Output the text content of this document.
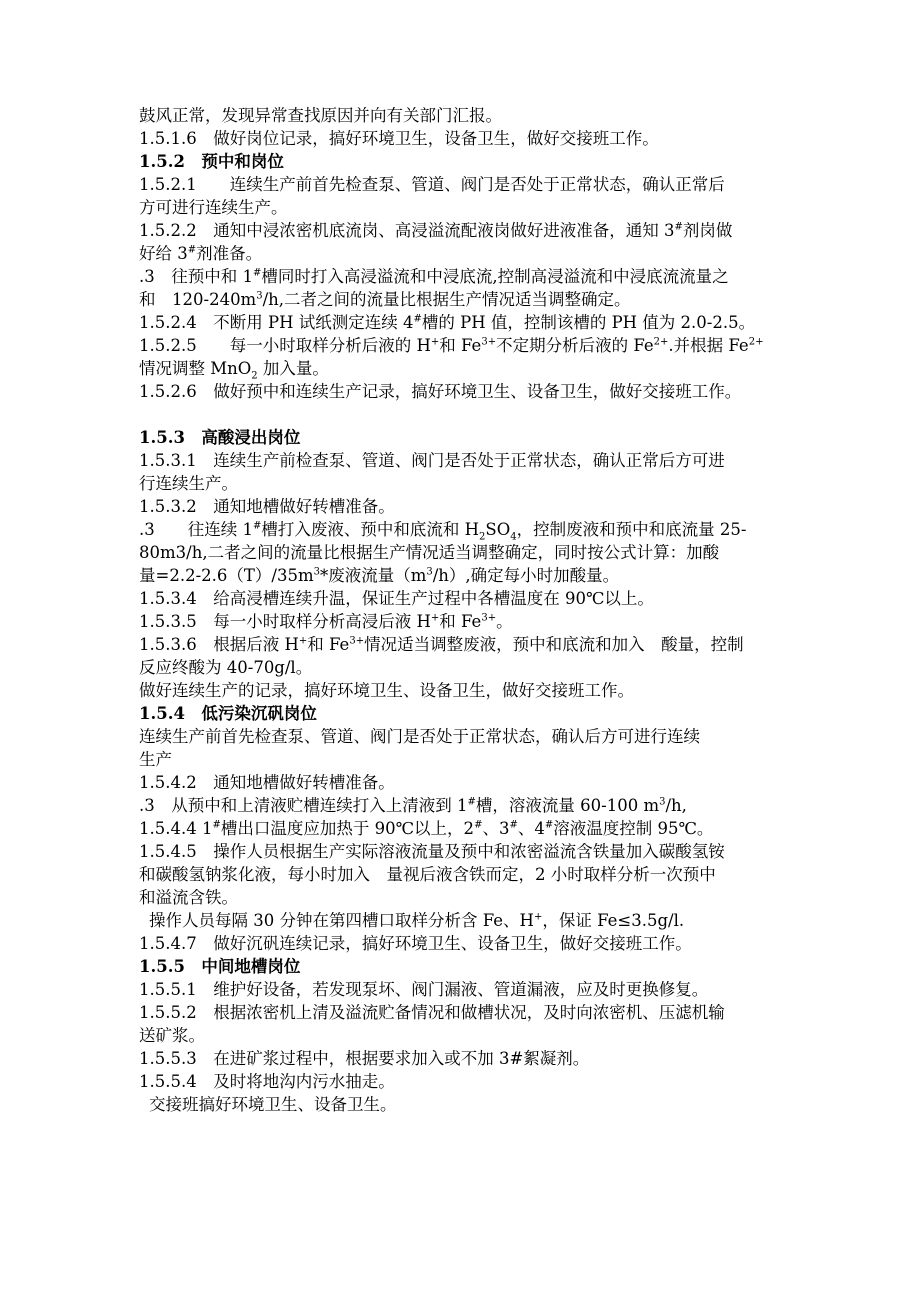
鼓风正常，发现异常查找原因并向有关部门汇报。
1.5.1.6　做好岗位记录，搞好环境卫生，设备卫生，做好交接班工作。
1.5.2　预中和岗位
1.5.2.1　　连续生产前首先检查泵、管道、阀门是否处于正常状态，确认正常后
方可进行连续生产。
1.5.2.2　通知中浸浓密机底流岗、高浸溢流配液岗做好进液准备，通知 3#剂岗做
好给 3#剂准备。
.3　往预中和 1#槽同时打入高浸溢流和中浸底流,控制高浸溢流和中浸底流流量之
和　$120-240m^3/h$,二者之间的流量比根据生产情况适当调整确定。
1.5.2.4　不断用 PH 试纸测定连续 4#槽的 PH 值，控制该槽的 PH 值为 2.0-2.5。
1.5.2.5　　每一小时取样分析后液的 H+和 $Fe^{3+}$不定期分析后液的 $Fe^{2+}$.并根据 $Fe^{2+}$
情况调整 MnO$_2$ 加入量。
1.5.2.6　做好预中和连续生产记录，搞好环境卫生、设备卫生，做好交接班工作。
1.5.3　高酸浸出岗位
1.5.3.1　连续生产前检查泵、管道、阀门是否处于正常状态，确认正常后方可进
行连续生产。
1.5.3.2　通知地槽做好转槽准备。
.3　　往连续 1#槽打入废液、预中和底流和 $H_2SO_4$，控制废液和预中和底流量 25-
80m3/h,二者之间的流量比根据生产情况适当调整确定，同时按公式计算：加酸
量$=2.2-2.6(T)/35m^3*$废液流量$(m^3/h)$,确定每小时加酸量。
1.5.3.4　给高浸槽连续升温，保证生产过程中各槽温度在 90℃以上。
1.5.3.5　每一小时取样分析高浸后液 H+和 $Fe^{3+}$。
1.5.3.6　根据后液 H+和 $Fe^{3+}$情况适当调整废液，预中和底流和加入　酸量，控制
反应终酸为 40-70g/l。
做好连续生产的记录，搞好环境卫生、设备卫生，做好交接班工作。
1.5.4　低污染沉矾岗位
连续生产前首先检查泵、管道、阀门是否处于正常状态，确认后方可进行连续
生产
1.5.4.2　通知地槽做好转槽准备。
.3　从预中和上清液贮槽连续打入上清液到 1#槽，溶液流量 60-100 $m^3/h$,
1.5.4.4 1#槽出口温度应加热于 90℃以上，2#、3#、4#溶液温度控制 95℃。
1.5.4.5　操作人员根据生产实际溶液流量及预中和浓密溢流含铁量加入碳酸氢铵
和碳酸氢钠浆化液，每小时加入　量视后液含铁而定，2 小时取样分析一次预中
和溢流含铁。
操作人员每隔 30 分钟在第四槽口取样分析含 Fe、H+，保证 Fe≤3.5g/l.
1.5.4.7　做好沉矾连续记录，搞好环境卫生、设备卫生，做好交接班工作。
1.5.5　中间地槽岗位
1.5.5.1　维护好设备，若发现泵坏、阀门漏液、管道漏液，应及时更换修复。
1.5.5.2　根据浓密机上清及溢流贮备情况和做槽状况，及时向浓密机、压滤机输
送矿浆。
1.5.5.3　在进矿浆过程中，根据要求加入或不加 3#絮凝剂。
1.5.5.4　及时将地沟内污水抽走。
交接班搞好环境卫生、设备卫生。
